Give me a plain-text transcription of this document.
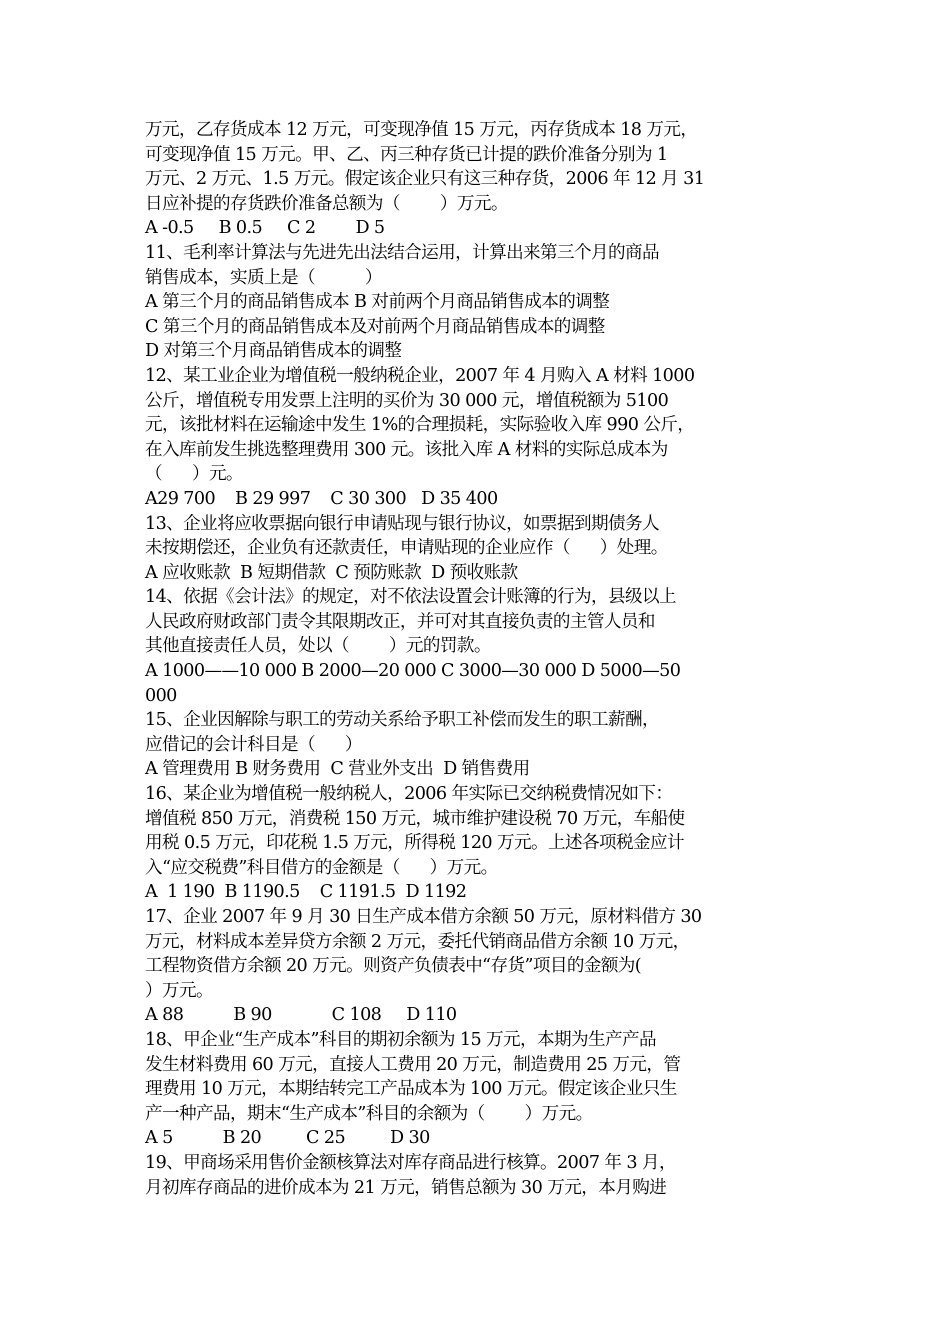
万元，乙存货成本 12 万元，可变现净值 15 万元，丙存货成本 18 万元，
可变现净值 15 万元。甲、乙、丙三种存货已计提的跌价准备分别为 1
万元、2 万元、1.5 万元。假定该企业只有这三种存货，2006 年 12 月 31
日应补提的存货跌价准备总额为（        ）万元。
A -0.5     B 0.5     C 2        D 5
11、毛利率计算法与先进先出法结合运用，计算出来第三个月的商品
销售成本，实质上是（          ）
A 第三个月的商品销售成本 B 对前两个月商品销售成本的调整
C 第三个月的商品销售成本及对前两个月商品销售成本的调整
D 对第三个月商品销售成本的调整
12、某工业企业为增值税一般纳税企业，2007 年 4 月购入 A 材料 1000
公斤，增值税专用发票上注明的买价为 30 000 元，增值税额为 5100
元，该批材料在运输途中发生 1%的合理损耗，实际验收入库 990 公斤，
在入库前发生挑选整理费用 300 元。该批入库 A 材料的实际总成本为
（      ）元。
A29 700    B 29 997    C 30 300   D 35 400
13、企业将应收票据向银行申请贴现与银行协议，如票据到期债务人
未按期偿还，企业负有还款责任，申请贴现的企业应作（      ）处理。
A 应收账款  B 短期借款  C 预防账款  D 预收账款
14、依据《会计法》的规定，对不依法设置会计账簿的行为，县级以上
人民政府财政部门责令其限期改正，并可对其直接负责的主管人员和
其他直接责任人员，处以（        ）元的罚款。
A 1000——10 000 B 2000—20 000 C 3000—30 000 D 5000—50
000
15、企业因解除与职工的劳动关系给予职工补偿而发生的职工薪酬，
应借记的会计科目是（      ）
A 管理费用 B 财务费用  C 营业外支出  D 销售费用
16、某企业为增值税一般纳税人，2006 年实际已交纳税费情况如下：
增值税 850 万元，消费税 150 万元，城市维护建设税 70 万元，车船使
用税 0.5 万元，印花税 1.5 万元，所得税 120 万元。上述各项税金应计
入“应交税费”科目借方的金额是（      ）万元。
A  1 190  B 1190.5    C 1191.5  D 1192
17、企业 2007 年 9 月 30 日生产成本借方余额 50 万元，原材料借方 30
万元，材料成本差异贷方余额 2 万元，委托代销商品借方余额 10 万元，
工程物资借方余额 20 万元。则资产负债表中“存货”项目的金额为(
）万元。
A 88          B 90            C 108     D 110
18、甲企业“生产成本”科目的期初余额为 15 万元，本期为生产产品
发生材料费用 60 万元，直接人工费用 20 万元，制造费用 25 万元，管
理费用 10 万元，本期结转完工产品成本为 100 万元。假定该企业只生
产一种产品，期末“生产成本”科目的余额为（        ）万元。
A 5          B 20         C 25         D 30
19、甲商场采用售价金额核算法对库存商品进行核算。2007 年 3 月，
月初库存商品的进价成本为 21 万元，销售总额为 30 万元，本月购进
